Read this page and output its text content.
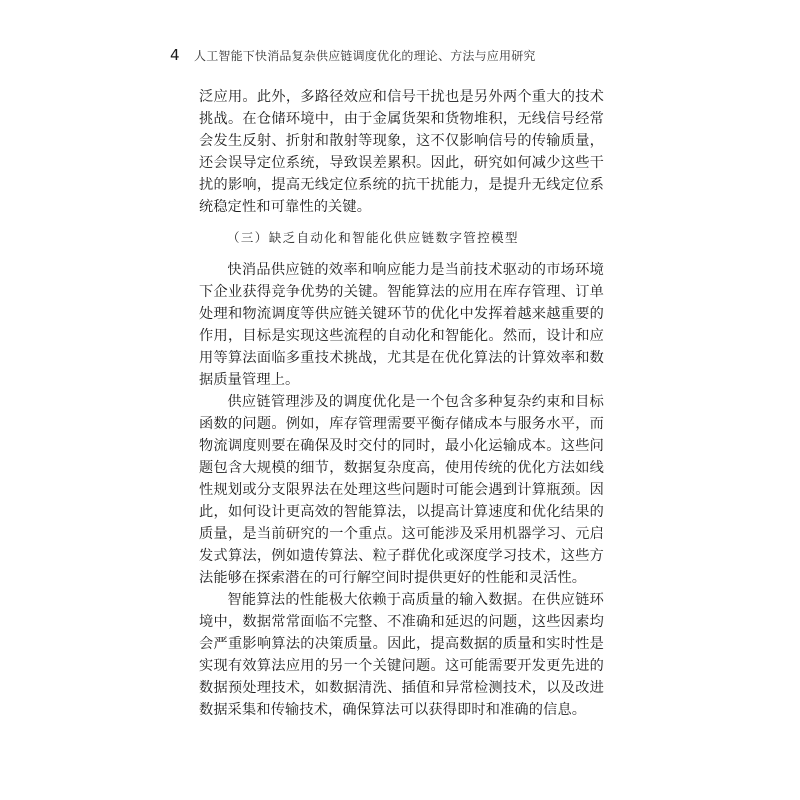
4	人工智能下快消品复杂供应链调度优化的理论、方法与应用研究

泛应用。此外，多路径效应和信号干扰也是另外两个重大的技术挑战。在仓储环境中，由于金属货架和货物堆积，无线信号经常会发生反射、折射和散射等现象，这不仅影响信号的传输质量，还会误导定位系统，导致误差累积。因此，研究如何减少这些干扰的影响，提高无线定位系统的抗干扰能力，是提升无线定位系统稳定性和可靠性的关键。

（三）缺乏自动化和智能化供应链数字管控模型

快消品供应链的效率和响应能力是当前技术驱动的市场环境下企业获得竞争优势的关键。智能算法的应用在库存管理、订单处理和物流调度等供应链关键环节的优化中发挥着越来越重要的作用，目标是实现这些流程的自动化和智能化。然而，设计和应用等算法面临多重技术挑战，尤其是在优化算法的计算效率和数据质量管理上。

供应链管理涉及的调度优化是一个包含多种复杂约束和目标函数的问题。例如，库存管理需要平衡存储成本与服务水平，而物流调度则要在确保及时交付的同时，最小化运输成本。这些问题包含大规模的细节，数据复杂度高，使用传统的优化方法如线性规划或分支限界法在处理这些问题时可能会遇到计算瓶颈。因此，如何设计更高效的智能算法，以提高计算速度和优化结果的质量，是当前研究的一个重点。这可能涉及采用机器学习、元启发式算法，例如遗传算法、粒子群优化或深度学习技术，这些方法能够在探索潜在的可行解空间时提供更好的性能和灵活性。

智能算法的性能极大依赖于高质量的输入数据。在供应链环境中，数据常常面临不完整、不准确和延迟的问题，这些因素均会严重影响算法的决策质量。因此，提高数据的质量和实时性是实现有效算法应用的另一个关键问题。这可能需要开发更先进的数据预处理技术，如数据清洗、插值和异常检测技术，以及改进数据采集和传输技术，确保算法可以获得即时和准确的信息。
